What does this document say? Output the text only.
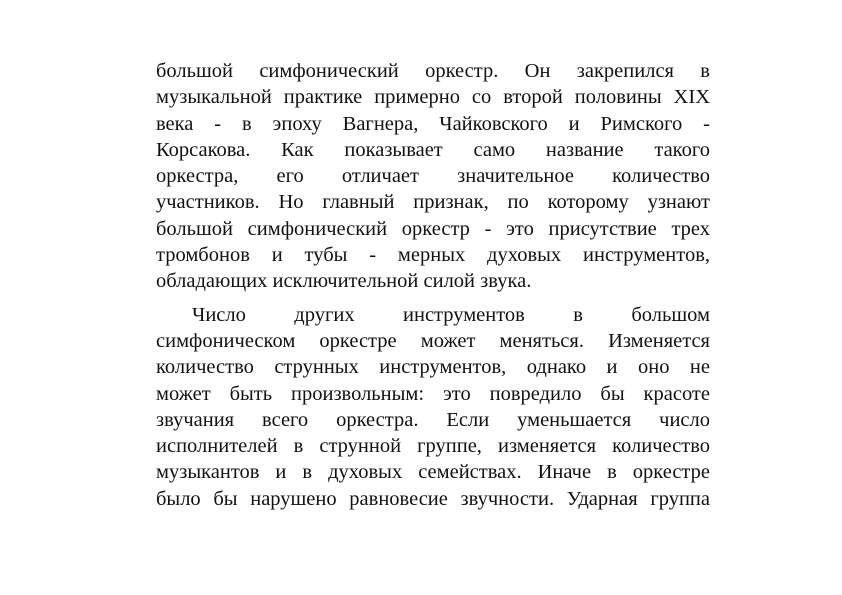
большой симфонический оркестр. Он закрепился в
музыкальной практике примерно со второй половины XIX
века - в эпоху Вагнера, Чайковского и Римского -
Корсакова. Как показывает само название такого
оркестра, его отличает значительное количество
участников. Но главный признак, по которому узнают
большой симфонический оркестр - это присутствие трех
тромбонов и тубы - мерных духовых инструментов,
обладающих исключительной силой звука.
Число других инструментов в большом
симфоническом оркестре может меняться. Изменяется
количество струнных инструментов, однако и оно не
может быть произвольным: это повредило бы красоте
звучания всего оркестра. Если уменьшается число
исполнителей в струнной группе, изменяется количество
музыкантов и в духовых семействах. Иначе в оркестре
было бы нарушено равновесие звучности. Ударная группа
